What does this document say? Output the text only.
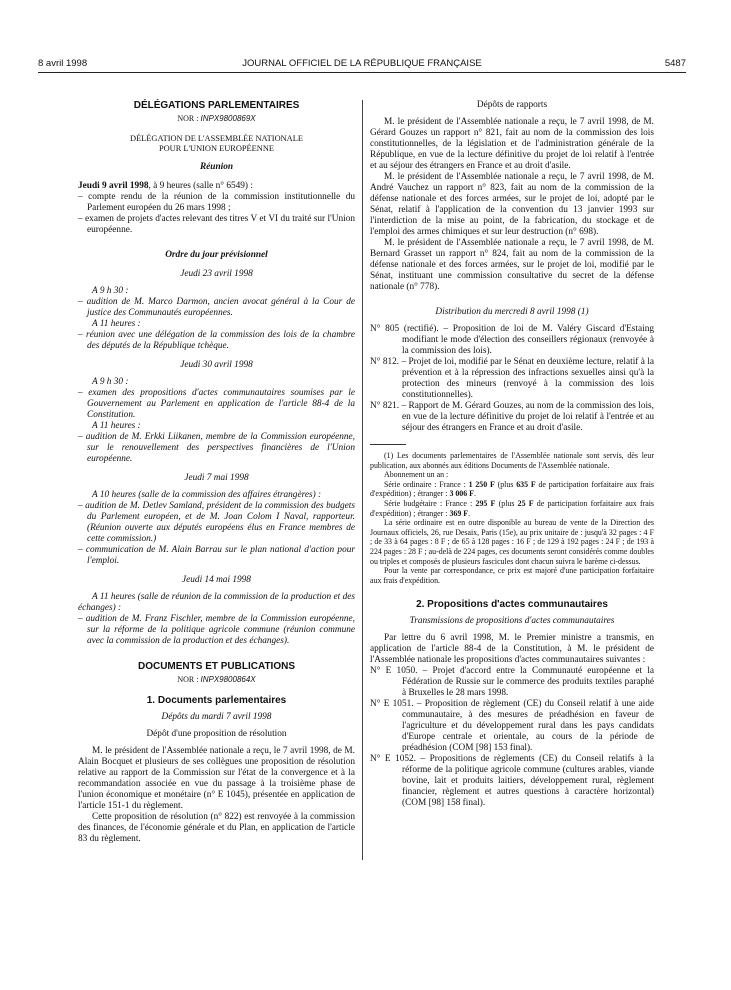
8 avril 1998	JOURNAL OFFICIEL DE LA RÉPUBLIQUE FRANÇAISE	5487

DÉLÉGATIONS PARLEMENTAIRES

NOR : INPX9800869X

DÉLÉGATION DE L'ASSEMBLÉE NATIONALE
POUR L'UNION EUROPÉENNE

Réunion

Jeudi 9 avril 1998, à 9 heures (salle n° 6549) :

– compte rendu de la réunion de la commission institutionnelle du Parlement européen du 26 mars 1998 ;

– examen de projets d'actes relevant des titres V et VI du traité sur l'Union européenne.

Ordre du jour prévisionnel

Jeudi 23 avril 1998

A 9 h 30 :

– audition de M. Marco Darmon, ancien avocat général à la Cour de justice des Communautés européennes.

A 11 heures :

– réunion avec une délégation de la commission des lois de la chambre des députés de la République tchèque.

Jeudi 30 avril 1998

A 9 h 30 :

– examen des propositions d'actes communautaires soumises par le Gouvernement au Parlement en application de l'article 88-4 de la Constitution.

A 11 heures :

– audition de M. Erkki Liikanen, membre de la Commission européenne, sur le renouvellement des perspectives financières de l'Union européenne.

Jeudi 7 mai 1998

A 10 heures (salle de la commission des affaires étrangères) :

– audition de M. Detlev Samland, président de la commission des budgets du Parlement européen, et de M. Joan Colom I Naval, rapporteur. (Réunion ouverte aux députés européens élus en France membres de cette commission.)

– communication de M. Alain Barrau sur le plan national d'action pour l'emploi.

Jeudi 14 mai 1998

A 11 heures (salle de réunion de la commission de la production et des échanges) :

– audition de M. Franz Fischler, membre de la Commission européenne, sur la réforme de la politique agricole commune (réunion commune avec la commission de la production et des échanges).

DOCUMENTS ET PUBLICATIONS

NOR : INPX9800864X

1. Documents parlementaires

Dépôts du mardi 7 avril 1998

Dépôt d'une proposition de résolution

M. le président de l'Assemblée nationale a reçu, le 7 avril 1998, de M. Alain Bocquet et plusieurs de ses collègues une proposition de résolution relative au rapport de la Commission sur l'état de la convergence et à la recommandation associée en vue du passage à la troisième phase de l'union économique et monétaire (n° E 1045), présentée en application de l'article 151-1 du règlement.

Cette proposition de résolution (n° 822) est renvoyée à la commission des finances, de l'économie générale et du Plan, en application de l'article 83 du règlement.

Dépôts de rapports

M. le président de l'Assemblée nationale a reçu, le 7 avril 1998, de M. Gérard Gouzes un rapport n° 821, fait au nom de la commission des lois constitutionnelles, de la législation et de l'administration générale de la République, en vue de la lecture définitive du projet de loi relatif à l'entrée et au séjour des étrangers en France et au droit d'asile.

M. le président de l'Assemblée nationale a reçu, le 7 avril 1998, de M. André Vauchez un rapport n° 823, fait au nom de la commission de la défense nationale et des forces armées, sur le projet de loi, adopté par le Sénat, relatif à l'application de la convention du 13 janvier 1993 sur l'interdiction de la mise au point, de la fabrication, du stockage et de l'emploi des armes chimiques et sur leur destruction (n° 698).

M. le président de l'Assemblée nationale a reçu, le 7 avril 1998, de M. Bernard Grasset un rapport n° 824, fait au nom de la commission de la défense nationale et des forces armées, sur le projet de loi, modifié par le Sénat, instituant une commission consultative du secret de la défense nationale (n° 778).

Distribution du mercredi 8 avril 1998 (1)

N° 805 (rectifié). – Proposition de loi de M. Valéry Giscard d'Estaing modifiant le mode d'élection des conseillers régionaux (renvoyée à la commission des lois).

N° 812. – Projet de loi, modifié par le Sénat en deuxième lecture, relatif à la prévention et à la répression des infractions sexuelles ainsi qu'à la protection des mineurs (renvoyé à la commission des lois constitutionnelles).

N° 821. – Rapport de M. Gérard Gouzes, au nom de la commission des lois, en vue de la lecture définitive du projet de loi relatif à l'entrée et au séjour des étrangers en France et au droit d'asile.

(1) Les documents parlementaires de l'Assemblée nationale sont servis, dès leur publication, aux abonnés aux éditions Documents de l'Assemblée nationale.

Abonnement un an :

Série ordinaire : France : 1 250 F (plus 635 F de participation forfaitaire aux frais d'expédition) ; étranger : 3 006 F.

Série budgétaire : France : 295 F (plus 25 F de participation forfaitaire aux frais d'expédition) ; étranger : 369 F.

La série ordinaire est en outre disponible au bureau de vente de la Direction des Journaux officiels, 26, rue Desaix, Paris (15e), au prix unitaire de : jusqu'à 32 pages : 4 F ; de 33 à 64 pages : 8 F ; de 65 à 128 pages : 16 F ; de 129 à 192 pages : 24 F ; de 193 à 224 pages : 28 F ; au-delà de 224 pages, ces documents seront considérés comme doubles ou triples et composés de plusieurs fascicules dont chacun suivra le barème ci-dessus.

Pour la vente par correspondance, ce prix est majoré d'une participation forfaitaire aux frais d'expédition.

2. Propositions d'actes communautaires

Transmissions de propositions d'actes communautaires

Par lettre du 6 avril 1998, M. le Premier ministre a transmis, en application de l'article 88-4 de la Constitution, à M. le président de l'Assemblée nationale les propositions d'actes communautaires suivantes :

N° E 1050. – Projet d'accord entre la Communauté européenne et la Fédération de Russie sur le commerce des produits textiles paraphé à Bruxelles le 28 mars 1998.

N° E 1051. – Proposition de règlement (CE) du Conseil relatif à une aide communautaire, à des mesures de préadhésion en faveur de l'agriculture et du développement rural dans les pays candidats d'Europe centrale et orientale, au cours de la période de préadhésion (COM [98] 153 final).

N° E 1052. – Propositions de règlements (CE) du Conseil relatifs à la réforme de la politique agricole commune (cultures arables, viande bovine, lait et produits laitiers, développement rural, règlement financier, règlement et autres questions à caractère horizontal) (COM [98] 158 final).
